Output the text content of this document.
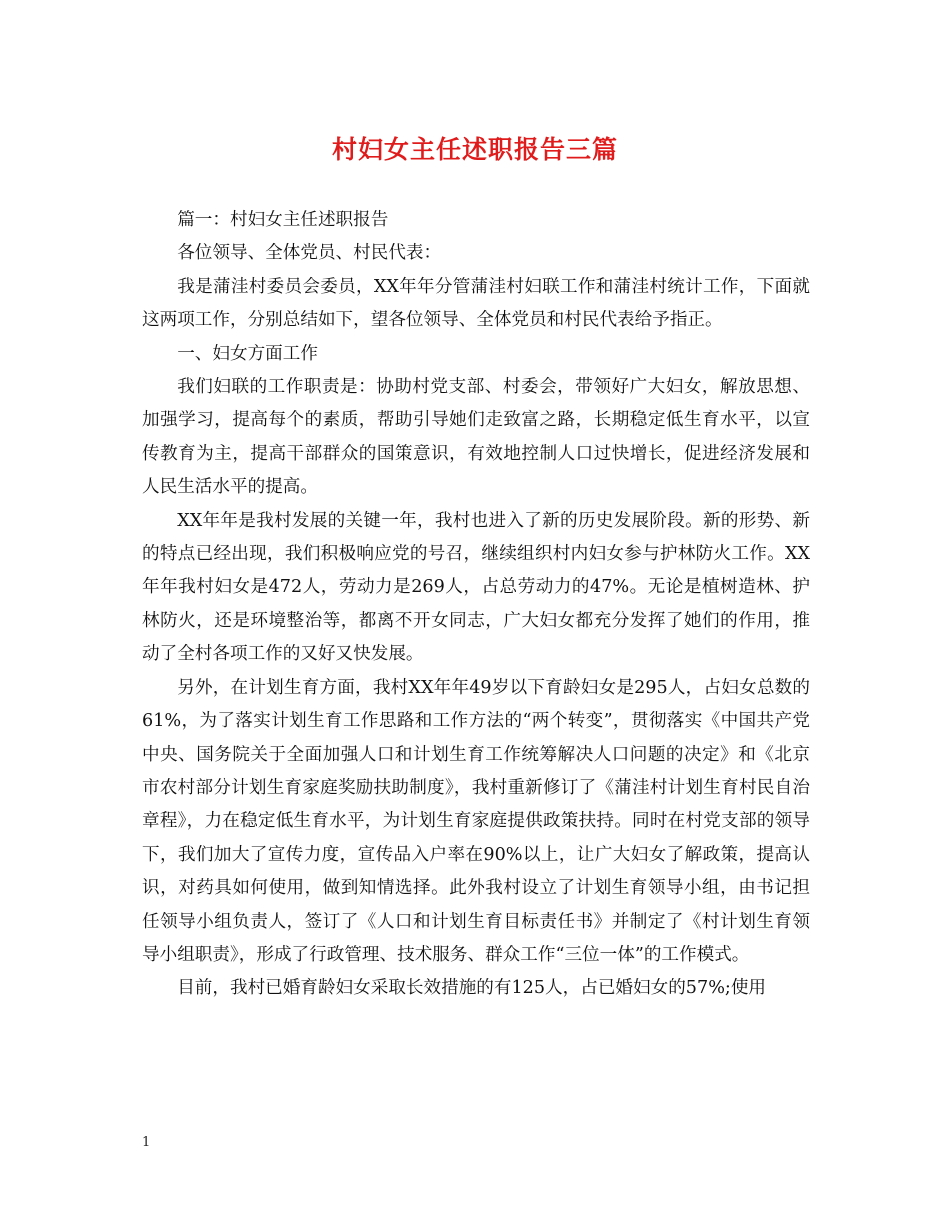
村妇女主任述职报告三篇

篇一：村妇女主任述职报告

各位领导、全体党员、村民代表：

我是蒲洼村委员会委员，XX年年分管蒲洼村妇联工作和蒲洼村统计工作，下面就这两项工作，分别总结如下，望各位领导、全体党员和村民代表给予指正。

一、妇女方面工作

我们妇联的工作职责是：协助村党支部、村委会，带领好广大妇女，解放思想、加强学习，提高每个的素质，帮助引导她们走致富之路，长期稳定低生育水平，以宣传教育为主，提高干部群众的国策意识，有效地控制人口过快增长，促进经济发展和人民生活水平的提高。

XX年年是我村发展的关键一年，我村也进入了新的历史发展阶段。新的形势、新的特点已经出现，我们积极响应党的号召，继续组织村内妇女参与护林防火工作。XX年年我村妇女是472人，劳动力是269人，占总劳动力的47%。无论是植树造林、护林防火，还是环境整治等，都离不开女同志，广大妇女都充分发挥了她们的作用，推动了全村各项工作的又好又快发展。

另外，在计划生育方面，我村XX年年49岁以下育龄妇女是295人，占妇女总数的61%，为了落实计划生育工作思路和工作方法的“两个转变”，贯彻落实《中国共产党中央、国务院关于全面加强人口和计划生育工作统筹解决人口问题的决定》和《北京市农村部分计划生育家庭奖励扶助制度》，我村重新修订了《蒲洼村计划生育村民自治章程》，力在稳定低生育水平，为计划生育家庭提供政策扶持。同时在村党支部的领导下，我们加大了宣传力度，宣传品入户率在90%以上，让广大妇女了解政策，提高认识，对药具如何使用，做到知情选择。此外我村设立了计划生育领导小组，由书记担任领导小组负责人，签订了《人口和计划生育目标责任书》并制定了《村计划生育领导小组职责》，形成了行政管理、技术服务、群众工作“三位一体”的工作模式。

目前，我村已婚育龄妇女采取长效措施的有125人，占已婚妇女的57%;使用

1
